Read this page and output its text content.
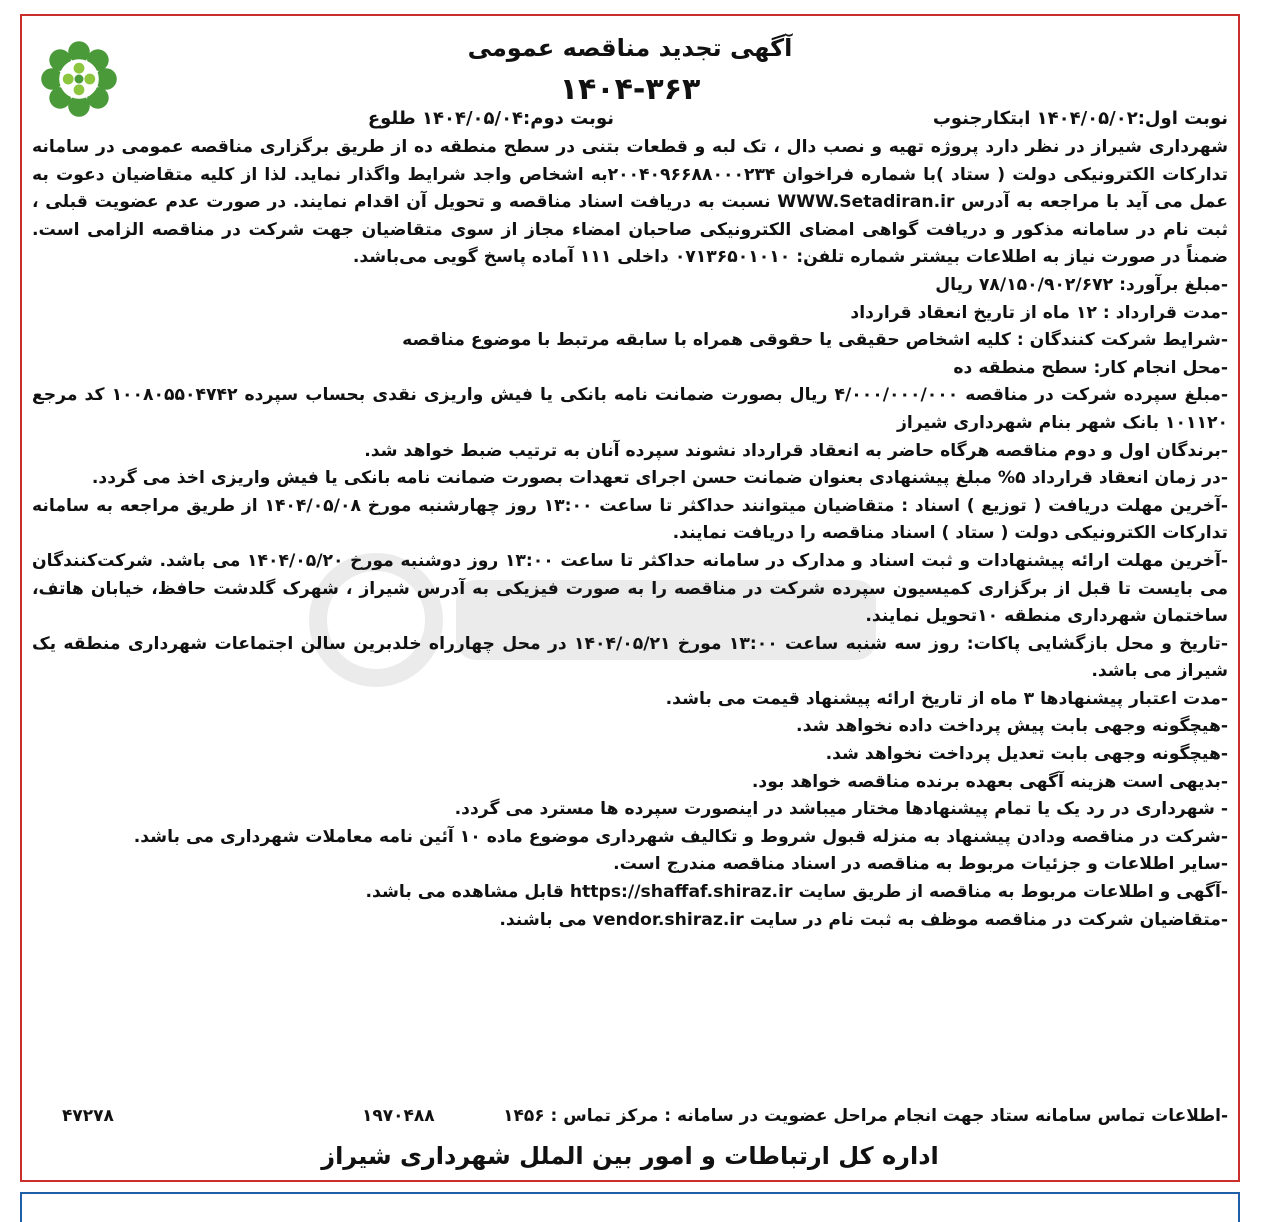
آگهی تجدید مناقصه عمومی
۱۴۰۴-۳۶۳
نوبت اول:۱۴۰۴/۰۵/۰۲ ابتکارجنوب
نوبت دوم:۱۴۰۴/۰۵/۰۴ طلوع

شهرداری شیراز در نظر دارد پروژه تهیه و نصب دال ، تک لبه و قطعات بتنی در سطح منطقه ده از طریق برگزاری مناقصه عمومی در سامانه تدارکات الکترونیکی دولت ( ستاد )با شماره فراخوان ۲۰۰۴۰۹۶۶۸۸۰۰۰۲۳۴به اشخاص واجد شرایط واگذار نماید. لذا از کلیه متقاضیان دعوت به عمل می آید با مراجعه به آدرس WWW.Setadiran.ir نسبت به دریافت اسناد مناقصه و تحویل آن اقدام نمایند. در صورت عدم عضویت قبلی ، ثبت نام در سامانه مذکور و دریافت گواهی امضای الکترونیکی صاحبان امضاء مجاز از سوی متقاضیان جهت شرکت در مناقصه الزامی است. ضمناً در صورت نیاز به اطلاعات بیشتر شماره تلفن: ۰۷۱۳۶۵۰۱۰۱۰ داخلی ۱۱۱ آماده پاسخ گویی می‌باشد.

-مبلغ برآورد: ۷۸/۱۵۰/۹۰۲/۶۷۲ ریال

-مدت قرارداد : ۱۲ ماه از تاریخ انعقاد قرارداد

-شرایط شرکت کنندگان : کلیه اشخاص حقیقی یا حقوقی همراه با سابقه مرتبط با موضوع مناقصه

-محل انجام کار: سطح منطقه ده

-مبلغ سپرده شرکت در مناقصه ۴/۰۰۰/۰۰۰/۰۰۰ ریال بصورت ضمانت نامه بانکی یا فیش واریزی نقدی بحساب سپرده ۱۰۰۸۰۵۵۰۴۷۴۲ کد مرجع ۱۰۱۱۲۰ بانک شهر بنام شهرداری شیراز

-برندگان اول و دوم مناقصه هرگاه حاضر به انعقاد قرارداد نشوند سپرده آنان به ترتیب ضبط خواهد شد.

-در زمان انعقاد قرارداد ۵% مبلغ پیشنهادی بعنوان ضمانت حسن اجرای تعهدات بصورت ضمانت نامه بانکی یا فیش واریزی اخذ می گردد.

-آخرین مهلت دریافت ( توزیع ) اسناد : متقاضیان میتوانند حداکثر تا ساعت ۱۳:۰۰ روز چهارشنبه مورخ ۱۴۰۴/۰۵/۰۸ از طریق مراجعه به سامانه تدارکات الکترونیکی دولت ( ستاد ) اسناد مناقصه را دریافت نمایند.

-آخرین مهلت ارائه پیشنهادات و ثبت اسناد و مدارک در سامانه حداکثر تا ساعت ۱۳:۰۰ روز دوشنبه مورخ ۱۴۰۴/۰۵/۲۰ می باشد. شرکت‌کنندگان می بایست تا قبل از برگزاری کمیسیون سپرده شرکت در مناقصه را به صورت فیزیکی به آدرس شیراز ، شهرک گلدشت حافظ، خیابان هاتف، ساختمان شهرداری منطقه ۱۰تحویل نمایند.

-تاریخ و محل بازگشایی پاکات: روز سه شنبه ساعت ۱۳:۰۰ مورخ ۱۴۰۴/۰۵/۲۱ در محل چهارراه خلدبرین سالن اجتماعات شهرداری منطقه یک شیراز می باشد.

-مدت اعتبار پیشنهادها ۳ ماه از تاریخ ارائه پیشنهاد قیمت می باشد.

-هیچگونه وجهی بابت پیش پرداخت داده نخواهد شد.

-هیچگونه وجهی بابت تعدیل پرداخت نخواهد شد.

-بدیهی است هزینه آگهی بعهده برنده مناقصه خواهد بود.

- شهرداری در رد یک یا تمام پیشنهادها مختار میباشد در اینصورت سپرده ها مسترد می گردد.

-شرکت در مناقصه ودادن پیشنهاد به منزله قبول شروط و تکالیف شهرداری موضوع ماده ۱۰ آئین نامه معاملات شهرداری می باشد.

-سایر اطلاعات و جزئیات مربوط به مناقصه در اسناد مناقصه مندرج است.

-آگهی و اطلاعات مربوط به مناقصه از طریق سایت https://shaffaf.shiraz.ir قابل مشاهده می باشد.

-متقاضیان شرکت در مناقصه موظف به ثبت نام در سایت vendor.shiraz.ir می باشند.

-اطلاعات تماس سامانه ستاد جهت انجام مراحل عضویت در سامانه : مرکز تماس : ۱۴۵۶
۱۹۷۰۴۸۸
۴۷۲۷۸
اداره کل ارتباطات و امور بین الملل شهرداری شیراز
